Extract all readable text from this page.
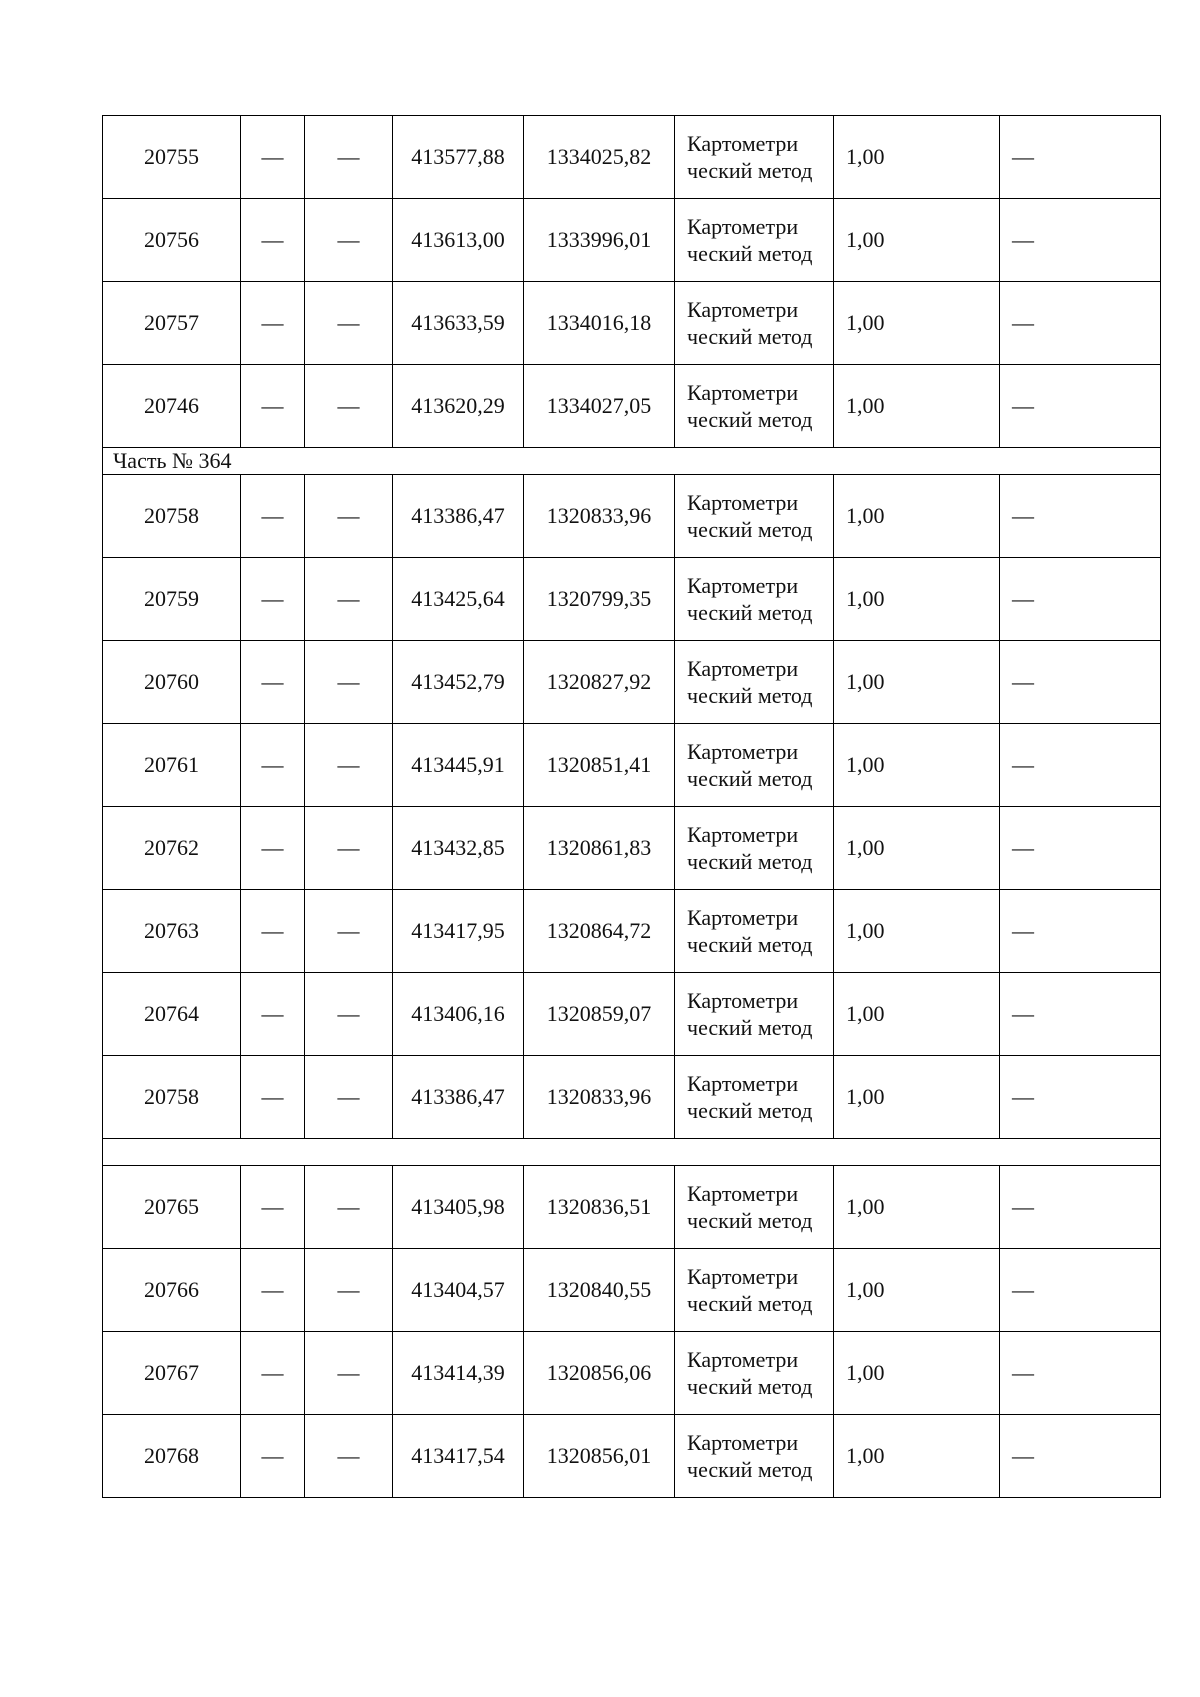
20755	—	—	413577,88	1334025,82	Картометри ческий метод	1,00	—
20756	—	—	413613,00	1333996,01	Картометри ческий метод	1,00	—
20757	—	—	413633,59	1334016,18	Картометри ческий метод	1,00	—
20746	—	—	413620,29	1334027,05	Картометри ческий метод	1,00	—
Часть № 364							
20758	—	—	413386,47	1320833,96	Картометри ческий метод	1,00	—
20759	—	—	413425,64	1320799,35	Картометри ческий метод	1,00	—
20760	—	—	413452,79	1320827,92	Картометри ческий метод	1,00	—
20761	—	—	413445,91	1320851,41	Картометри ческий метод	1,00	—
20762	—	—	413432,85	1320861,83	Картометри ческий метод	1,00	—
20763	—	—	413417,95	1320864,72	Картометри ческий метод	1,00	—
20764	—	—	413406,16	1320859,07	Картометри ческий метод	1,00	—
20758	—	—	413386,47	1320833,96	Картометри ческий метод	1,00	—

20765	—	—	413405,98	1320836,51	Картометри ческий метод	1,00	—
20766	—	—	413404,57	1320840,55	Картометри ческий метод	1,00	—
20767	—	—	413414,39	1320856,06	Картометри ческий метод	1,00	—
20768	—	—	413417,54	1320856,01	Картометри ческий метод	1,00	—
